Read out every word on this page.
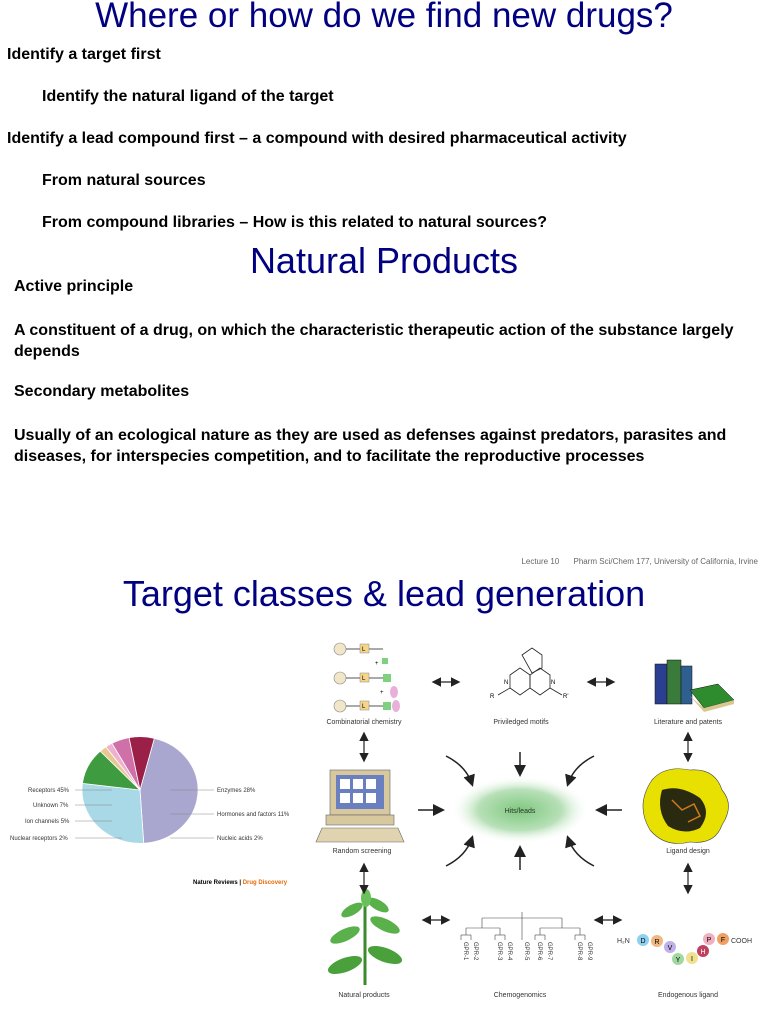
Where or how do we find new drugs?

Identify a target first

Identify the natural ligand of the target

Identify a lead compound first – a compound with desired pharmaceutical activity

From natural sources

From compound libraries – How is this related to natural sources?

Natural Products

Active principle

A constituent of a drug, on which the characteristic therapeutic action of the substance largely depends

Secondary metabolites

Usually of an ecological nature as they are used as defenses against predators, parasites and diseases, for interspecies competition, and to facilitate the reproductive processes

Lecture 10 Pharm Sci/Chem 177, University of California, Irvine
Target classes & lead generation
Receptors 45%
Unknown 7%
Ion channels 5%
Nuclear receptors 2%
Enzymes 28%
Hormones and factors 11%
Nucleic acids 2%
Nature Reviews | Drug Discovery
L
+
L
+
L
Combinatorial chemistry
R	R'
N	N
Priviledged motifs	Literature and patents
Random screening
Hits/leads
Ligand design
Natural products
GPR-1 GPR-2	GPR-3 GPR-4 GPR-5 GPR-6 GPR-7	GPR-8 GPR-9
Chemogenomics
H₂N D R
V
Y I
H
P F COOH
Endogenous ligand
